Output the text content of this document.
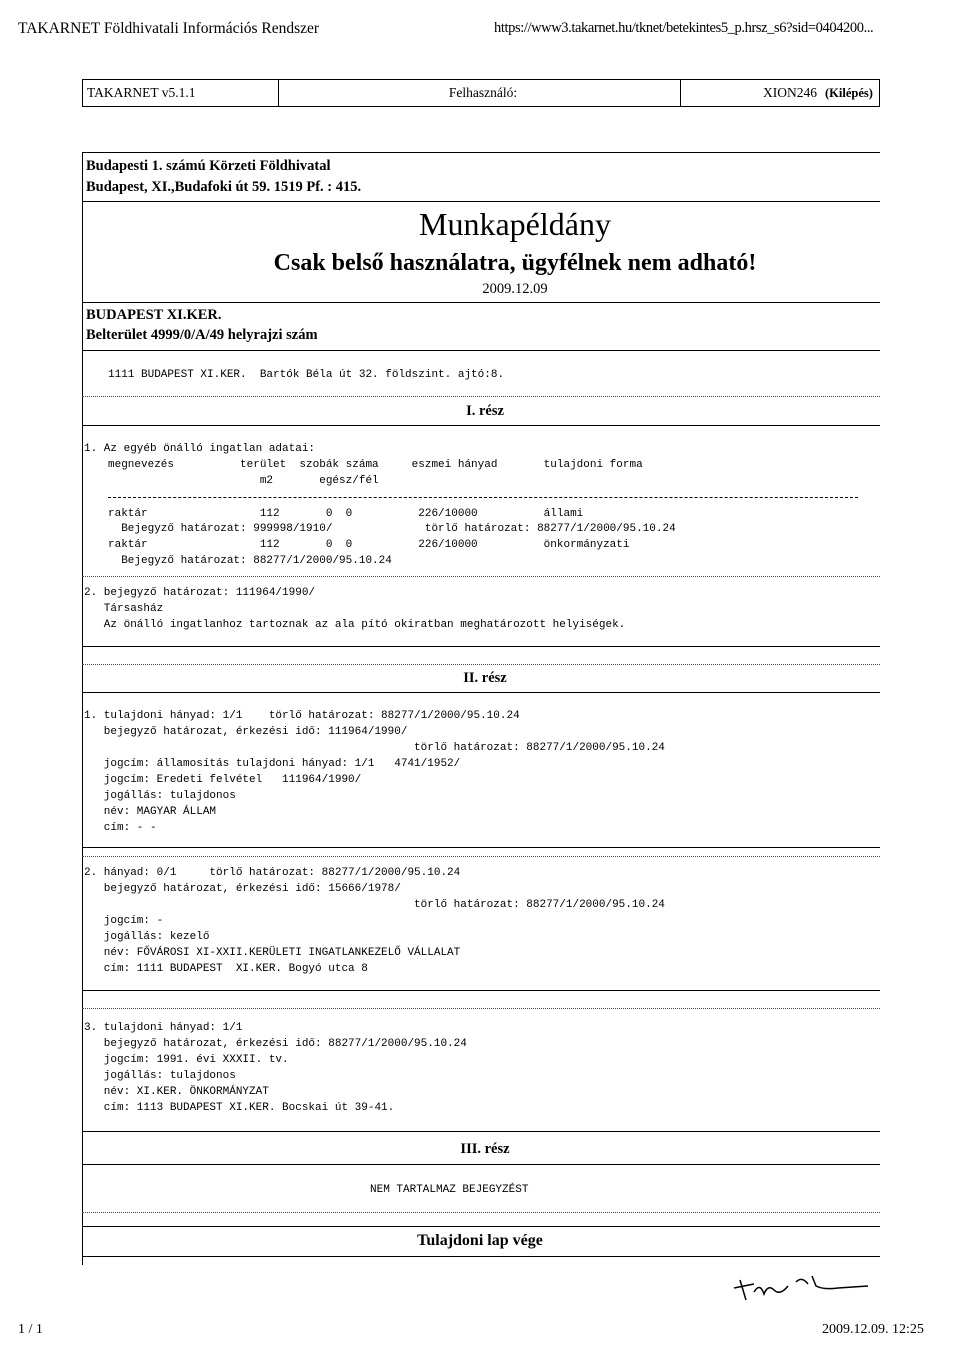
TAKARNET Földhivatali Információs Rendszer	https://www3.takarnet.hu/tknet/betekintes5_p.hrsz_s6?sid=0404200...
TAKARNET v5.1.1	Felhasználó:	XION246 (Kilépés)
Budapesti 1. számú Körzeti Földhivatal
Budapest, XI.,Budafoki út 59. 1519 Pf. : 415.
Munkapéldány
Csak belső használatra, ügyfélnek nem adható!
2009.12.09
BUDAPEST XI.KER.
Belterület 4999/0/A/49 helyrajzi szám
1111 BUDAPEST XI.KER.  Bartók Béla út 32. földszint. ajtó:8.
I. rész
1. Az egyéb önálló ingatlan adatai:
megnevezés          terület  szobák száma     eszmei hányad       tulajdoni forma
m2       egész/fél
raktár                 112       0  0          226/10000          állami
Bejegyző határozat: 999998/1910/              törlő határozat: 88277/1/2000/95.10.24
raktár                 112       0  0          226/10000          önkormányzati
Bejegyző határozat: 88277/1/2000/95.10.24
2. bejegyző határozat: 111964/1990/
Társasház
Az önálló ingatlanhoz tartoznak az ala pító okiratban meghatározott helyiségek.
II. rész
1. tulajdoni hányad: 1/1    törlő határozat: 88277/1/2000/95.10.24
bejegyző határozat, érkezési idő: 111964/1990/
törlő határozat: 88277/1/2000/95.10.24
jogcím: államosítás tulajdoni hányad: 1/1   4741/1952/
jogcím: Eredeti felvétel   111964/1990/
jogállás: tulajdonos
név: MAGYAR ÁLLAM
cím: - -
2. hányad: 0/1     törlő határozat: 88277/1/2000/95.10.24
bejegyző határozat, érkezési idő: 15666/1978/
törlő határozat: 88277/1/2000/95.10.24
jogcím: -
jogállás: kezelő
név: FŐVÁROSI XI-XXII.KERÜLETI INGATLANKEZELŐ VÁLLALAT
cím: 1111 BUDAPEST  XI.KER. Bogyó utca 8
3. tulajdoni hányad: 1/1
bejegyző határozat, érkezési idő: 88277/1/2000/95.10.24
jogcím: 1991. évi XXXII. tv.
jogállás: tulajdonos
név: XI.KER. ÖNKORMÁNYZAT
cím: 1113 BUDAPEST XI.KER. Bocskai út 39-41.
III. rész
NEM TARTALMAZ BEJEGYZÉST
Tulajdoni lap vége
1 / 1	2009.12.09. 12:25
